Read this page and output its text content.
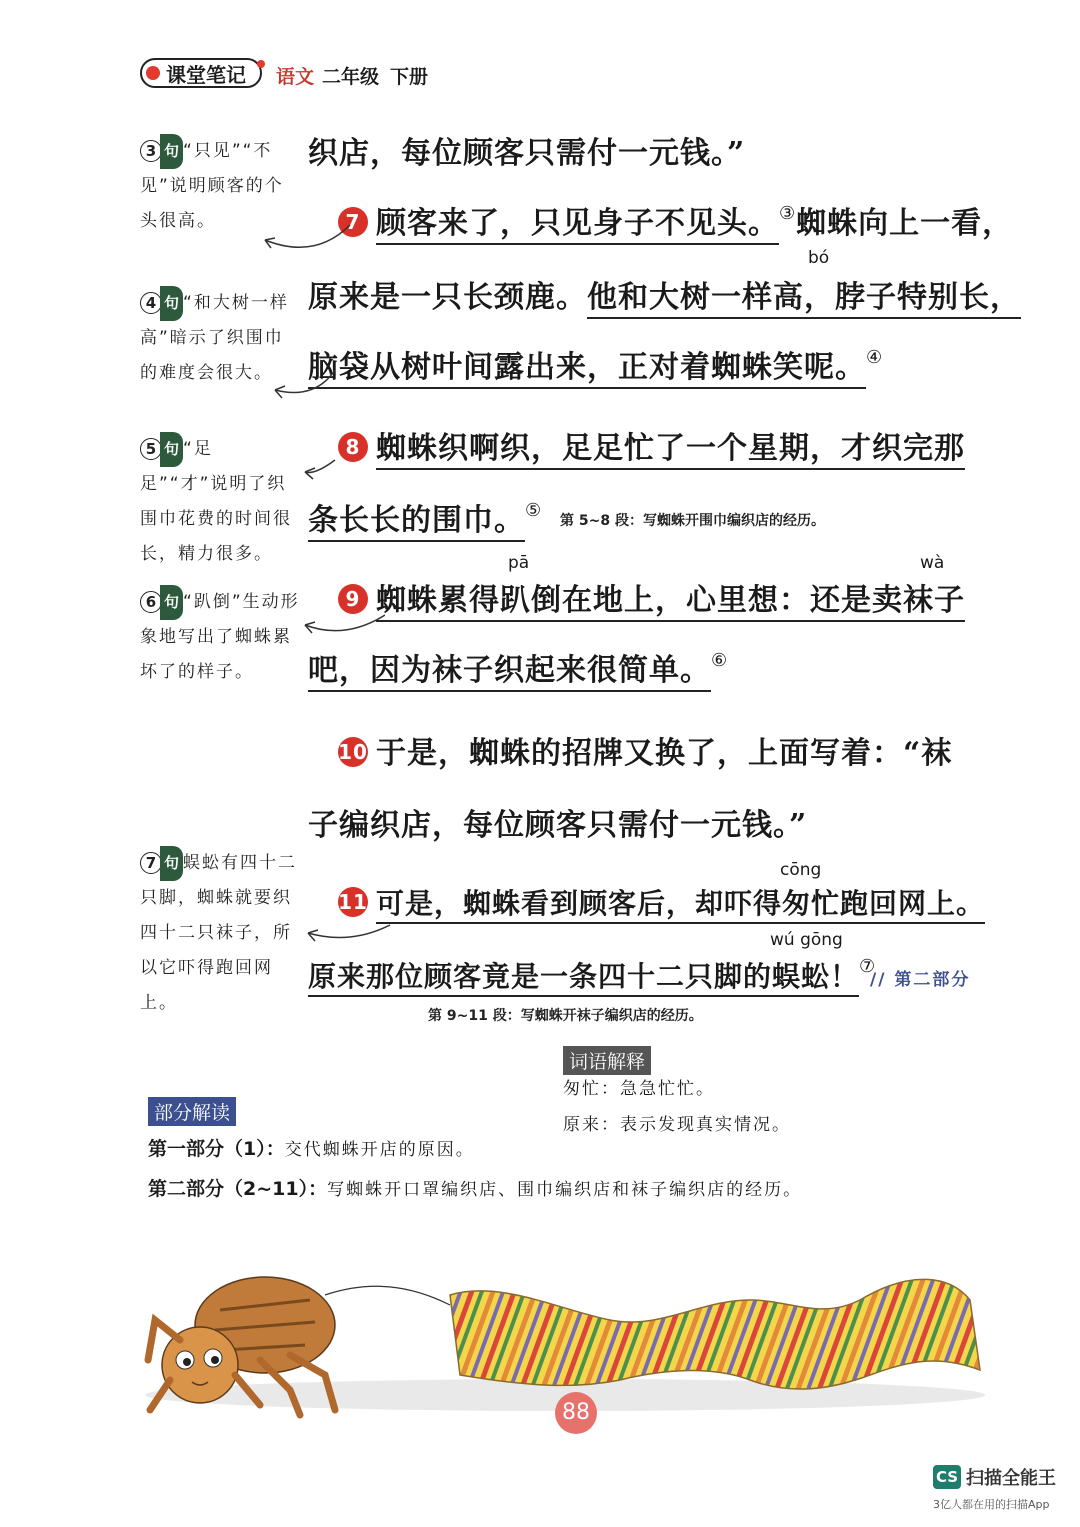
课堂笔记	语文 二年级 下册
织店，每位顾客只需付一元钱。”
7 顾客来了，只见身子不见头。③蜘蛛向上一看，
bó
原来是一只长颈鹿。他和大树一样高，脖子特别长，
脑袋从树叶间露出来，正对着蜘蛛笑呢。④
8 蜘蛛织啊织，足足忙了一个星期，才织完那
条长长的围巾。⑤ 第 5~8 段：写蜘蛛开围巾编织店的经历。
pā	wà
9 蜘蛛累得趴倒在地上，心里想：还是卖袜子
吧，因为袜子织起来很简单。⑥
10 于是，蜘蛛的招牌又换了，上面写着：“袜
子编织店，每位顾客只需付一元钱。”
cōng
11 可是，蜘蛛看到顾客后，却吓得匆忙跑回网上。
wú gōng
原来那位顾客竟是一条四十二只脚的蜈蚣！⑦
// 第二部分
第 9~11 段：写蜘蛛开袜子编织店的经历。
3 句 “只见”“不见”说明顾客的个头很高。
4 句 “和大树一样高”暗示了织围巾的难度会很大。
5 句 “足足”“才”说明了织围巾花费的时间很长，精力很多。
6 句 “趴倒”生动形象地写出了蜘蛛累坏了的样子。
7 句 蜈蚣有四十二只脚，蜘蛛就要织四十二只袜子，所以它吓得跑回网上。
词语解释
匆忙：急急忙忙。
原来：表示发现真实情况。
部分解读
第一部分（1）：交代蜘蛛开店的原因。
第二部分（2~11）：写蜘蛛开口罩编织店、围巾编织店和袜子编织店的经历。
88
CS 扫描全能王
3亿人都在用的扫描App
